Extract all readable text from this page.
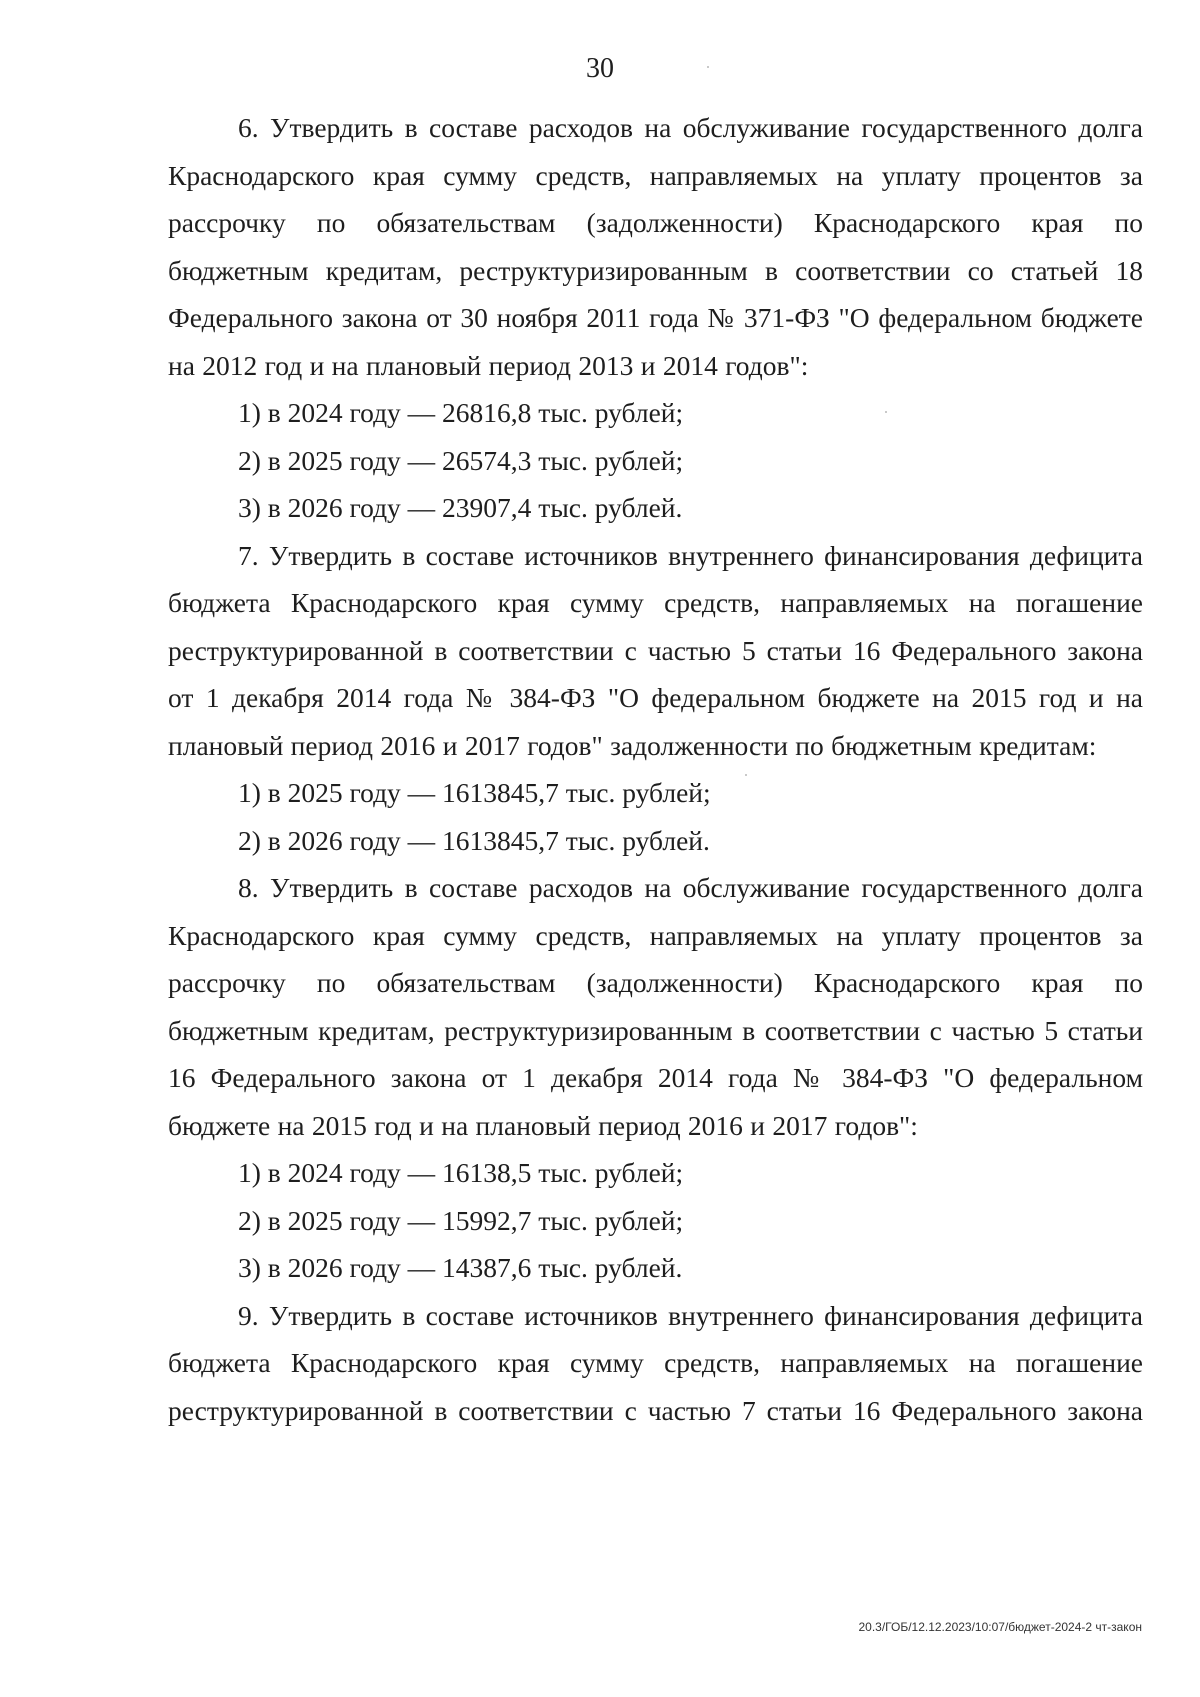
30

6. Утвердить в составе расходов на обслуживание государственного долга Краснодарского края сумму средств, направляемых на уплату процентов за рассрочку по обязательствам (задолженности) Краснодарского края по бюджетным кредитам, реструктуризированным в соответствии со статьей 18 Федерального закона от 30 ноября 2011 года № 371-ФЗ "О федеральном бюджете на 2012 год и на плановый период 2013 и 2014 годов":

1) в 2024 году — 26816,8 тыс. рублей;

2) в 2025 году — 26574,3 тыс. рублей;

3) в 2026 году — 23907,4 тыс. рублей.

7. Утвердить в составе источников внутреннего финансирования дефицита бюджета Краснодарского края сумму средств, направляемых на погашение реструктурированной в соответствии с частью 5 статьи 16 Федерального закона от 1 декабря 2014 года № 384-ФЗ "О федеральном бюджете на 2015 год и на плановый период 2016 и 2017 годов" задолженности по бюджетным кредитам:

1) в 2025 году — 1613845,7 тыс. рублей;

2) в 2026 году — 1613845,7 тыс. рублей.

8. Утвердить в составе расходов на обслуживание государственного долга Краснодарского края сумму средств, направляемых на уплату процентов за рассрочку по обязательствам (задолженности) Краснодарского края по бюджетным кредитам, реструктуризированным в соответствии с частью 5 статьи 16 Федерального закона от 1 декабря 2014 года № 384-ФЗ "О федеральном бюджете на 2015 год и на плановый период 2016 и 2017 годов":

1) в 2024 году — 16138,5 тыс. рублей;

2) в 2025 году — 15992,7 тыс. рублей;

3) в 2026 году — 14387,6 тыс. рублей.

9. Утвердить в составе источников внутреннего финансирования дефицита бюджета Краснодарского края сумму средств, направляемых на погашение реструктурированной в соответствии с частью 7 статьи 16 Федерального закона

20.3/ГОБ/12.12.2023/10:07/бюджет-2024-2 чт-закон
